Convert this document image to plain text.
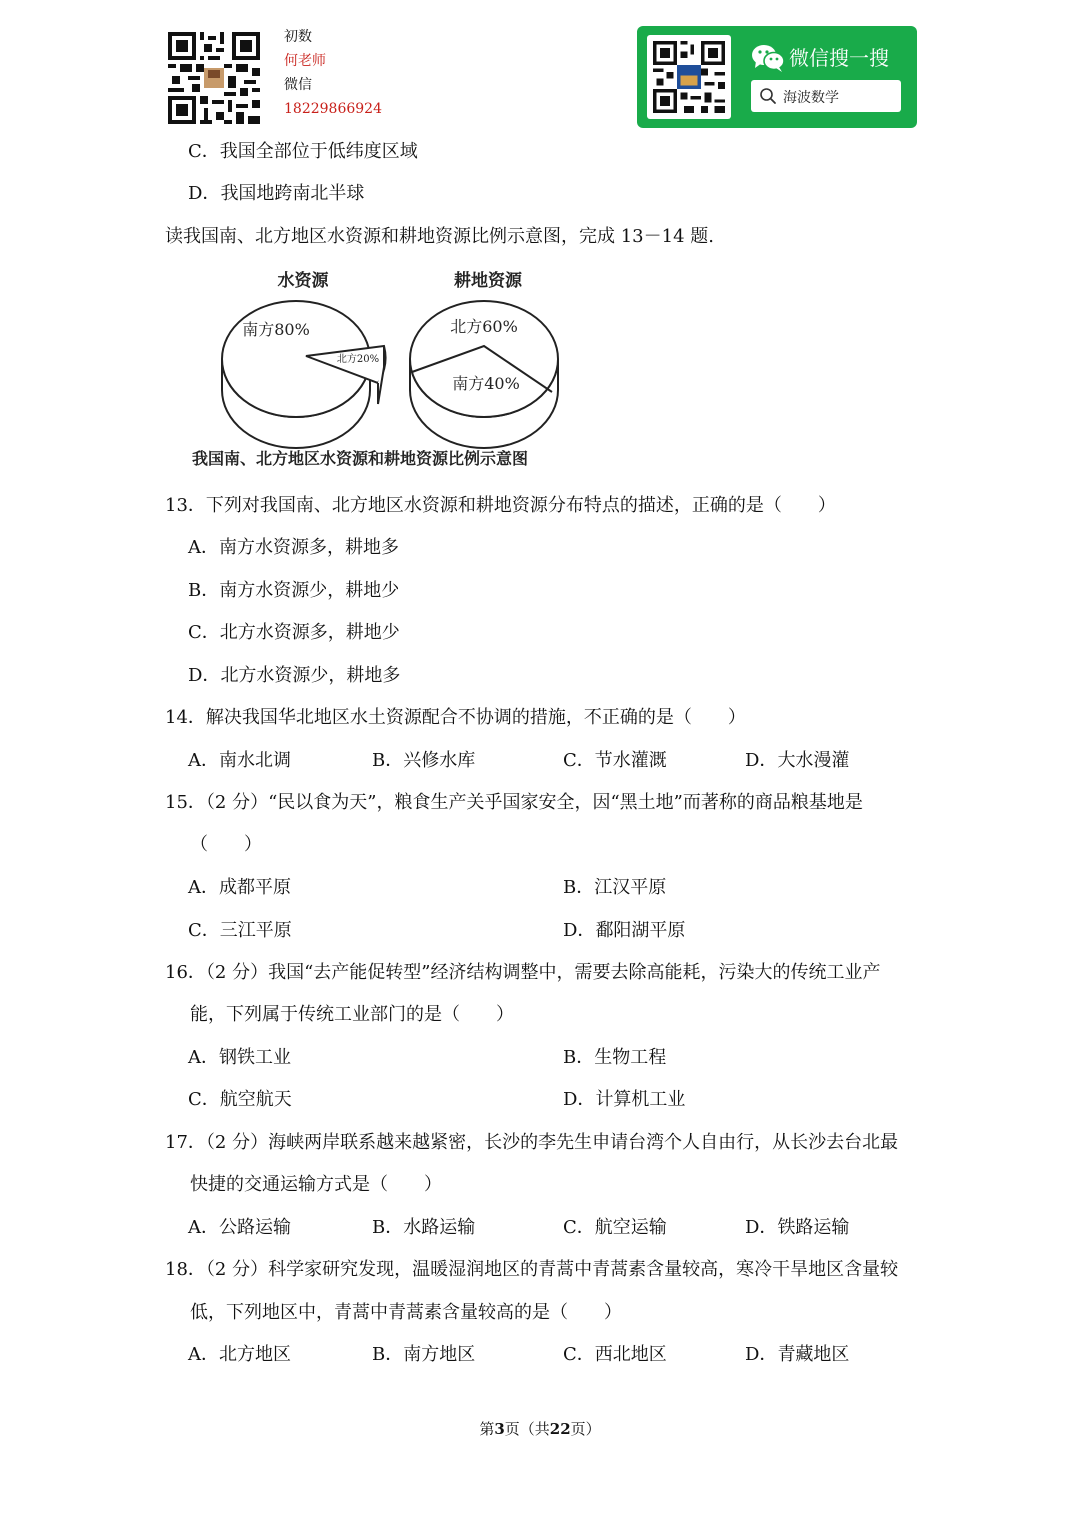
初数
何老师
微信
18229866924
微信搜一搜
海波数学
C．我国全部位于低纬度区域
D．我国地跨南北半球
读我国南、北方地区水资源和耕地资源比例示意图，完成 13－14 题.
水资源	耕地资源
南方80%
北方20%
北方60%
南方40%
我国南、北方地区水资源和耕地资源比例示意图
13．下列对我国南、北方地区水资源和耕地资源分布特点的描述，正确的是（　　）
A．南方水资源多，耕地多
B．南方水资源少，耕地少
C．北方水资源多，耕地少
D．北方水资源少，耕地多
14．解决我国华北地区水土资源配合不协调的措施，不正确的是（　　）
A．南水北调	B．兴修水库	C．节水灌溉	D．大水漫灌
15．（2 分）“民以食为天”，粮食生产关乎国家安全，因“黑土地”而著称的商品粮基地是
（　　）
A．成都平原	B．江汉平原
C．三江平原	D．鄱阳湖平原
16．（2 分）我国“去产能促转型”经济结构调整中，需要去除高能耗，污染大的传统工业产
能，下列属于传统工业部门的是（　　）
A．钢铁工业	B．生物工程
C．航空航天	D．计算机工业
17．（2 分）海峡两岸联系越来越紧密，长沙的李先生申请台湾个人自由行，从长沙去台北最
快捷的交通运输方式是（　　）
A．公路运输	B．水路运输	C．航空运输	D．铁路运输
18．（2 分）科学家研究发现，温暖湿润地区的青蒿中青蒿素含量较高，寒冷干旱地区含量较
低，下列地区中，青蒿中青蒿素含量较高的是（　　）
A．北方地区	B．南方地区	C．西北地区	D．青藏地区
第3页（共22页）
